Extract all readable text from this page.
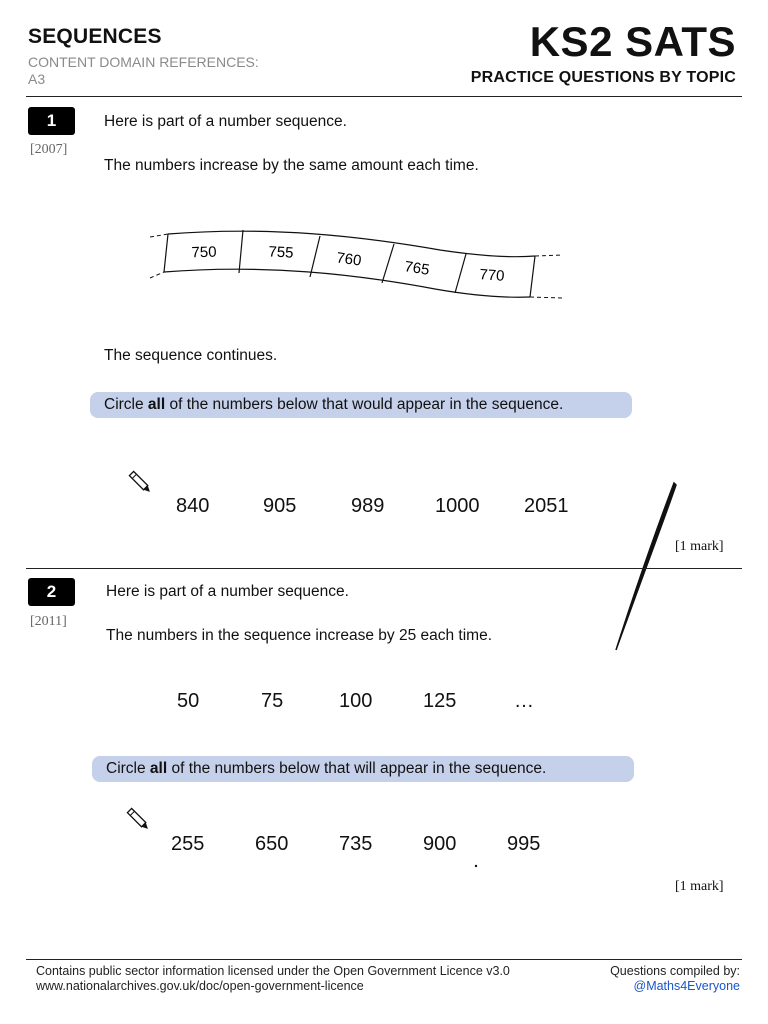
SEQUENCES
CONTENT DOMAIN REFERENCES:
A3
KS2 SATS
PRACTICE QUESTIONS BY TOPIC
1
[2007]
Here is part of a number sequence.
The numbers increase by the same amount each time.
750	755	760	765	770
The sequence continues.
Circle all of the numbers below that would appear in the sequence.
840	905	989	1000 2051
[1 mark]
2
[2011]
Here is part of a number sequence.
The numbers in the sequence increase by 25 each time.
50	75	100	125	…
Circle all of the numbers below that will appear in the sequence.
255	650	735	900	995
[1 mark]
Contains public sector information licensed under the Open Government Licence v3.0
www.nationalarchives.gov.uk/doc/open-government-licence
Questions compiled by:
@Maths4Everyone
